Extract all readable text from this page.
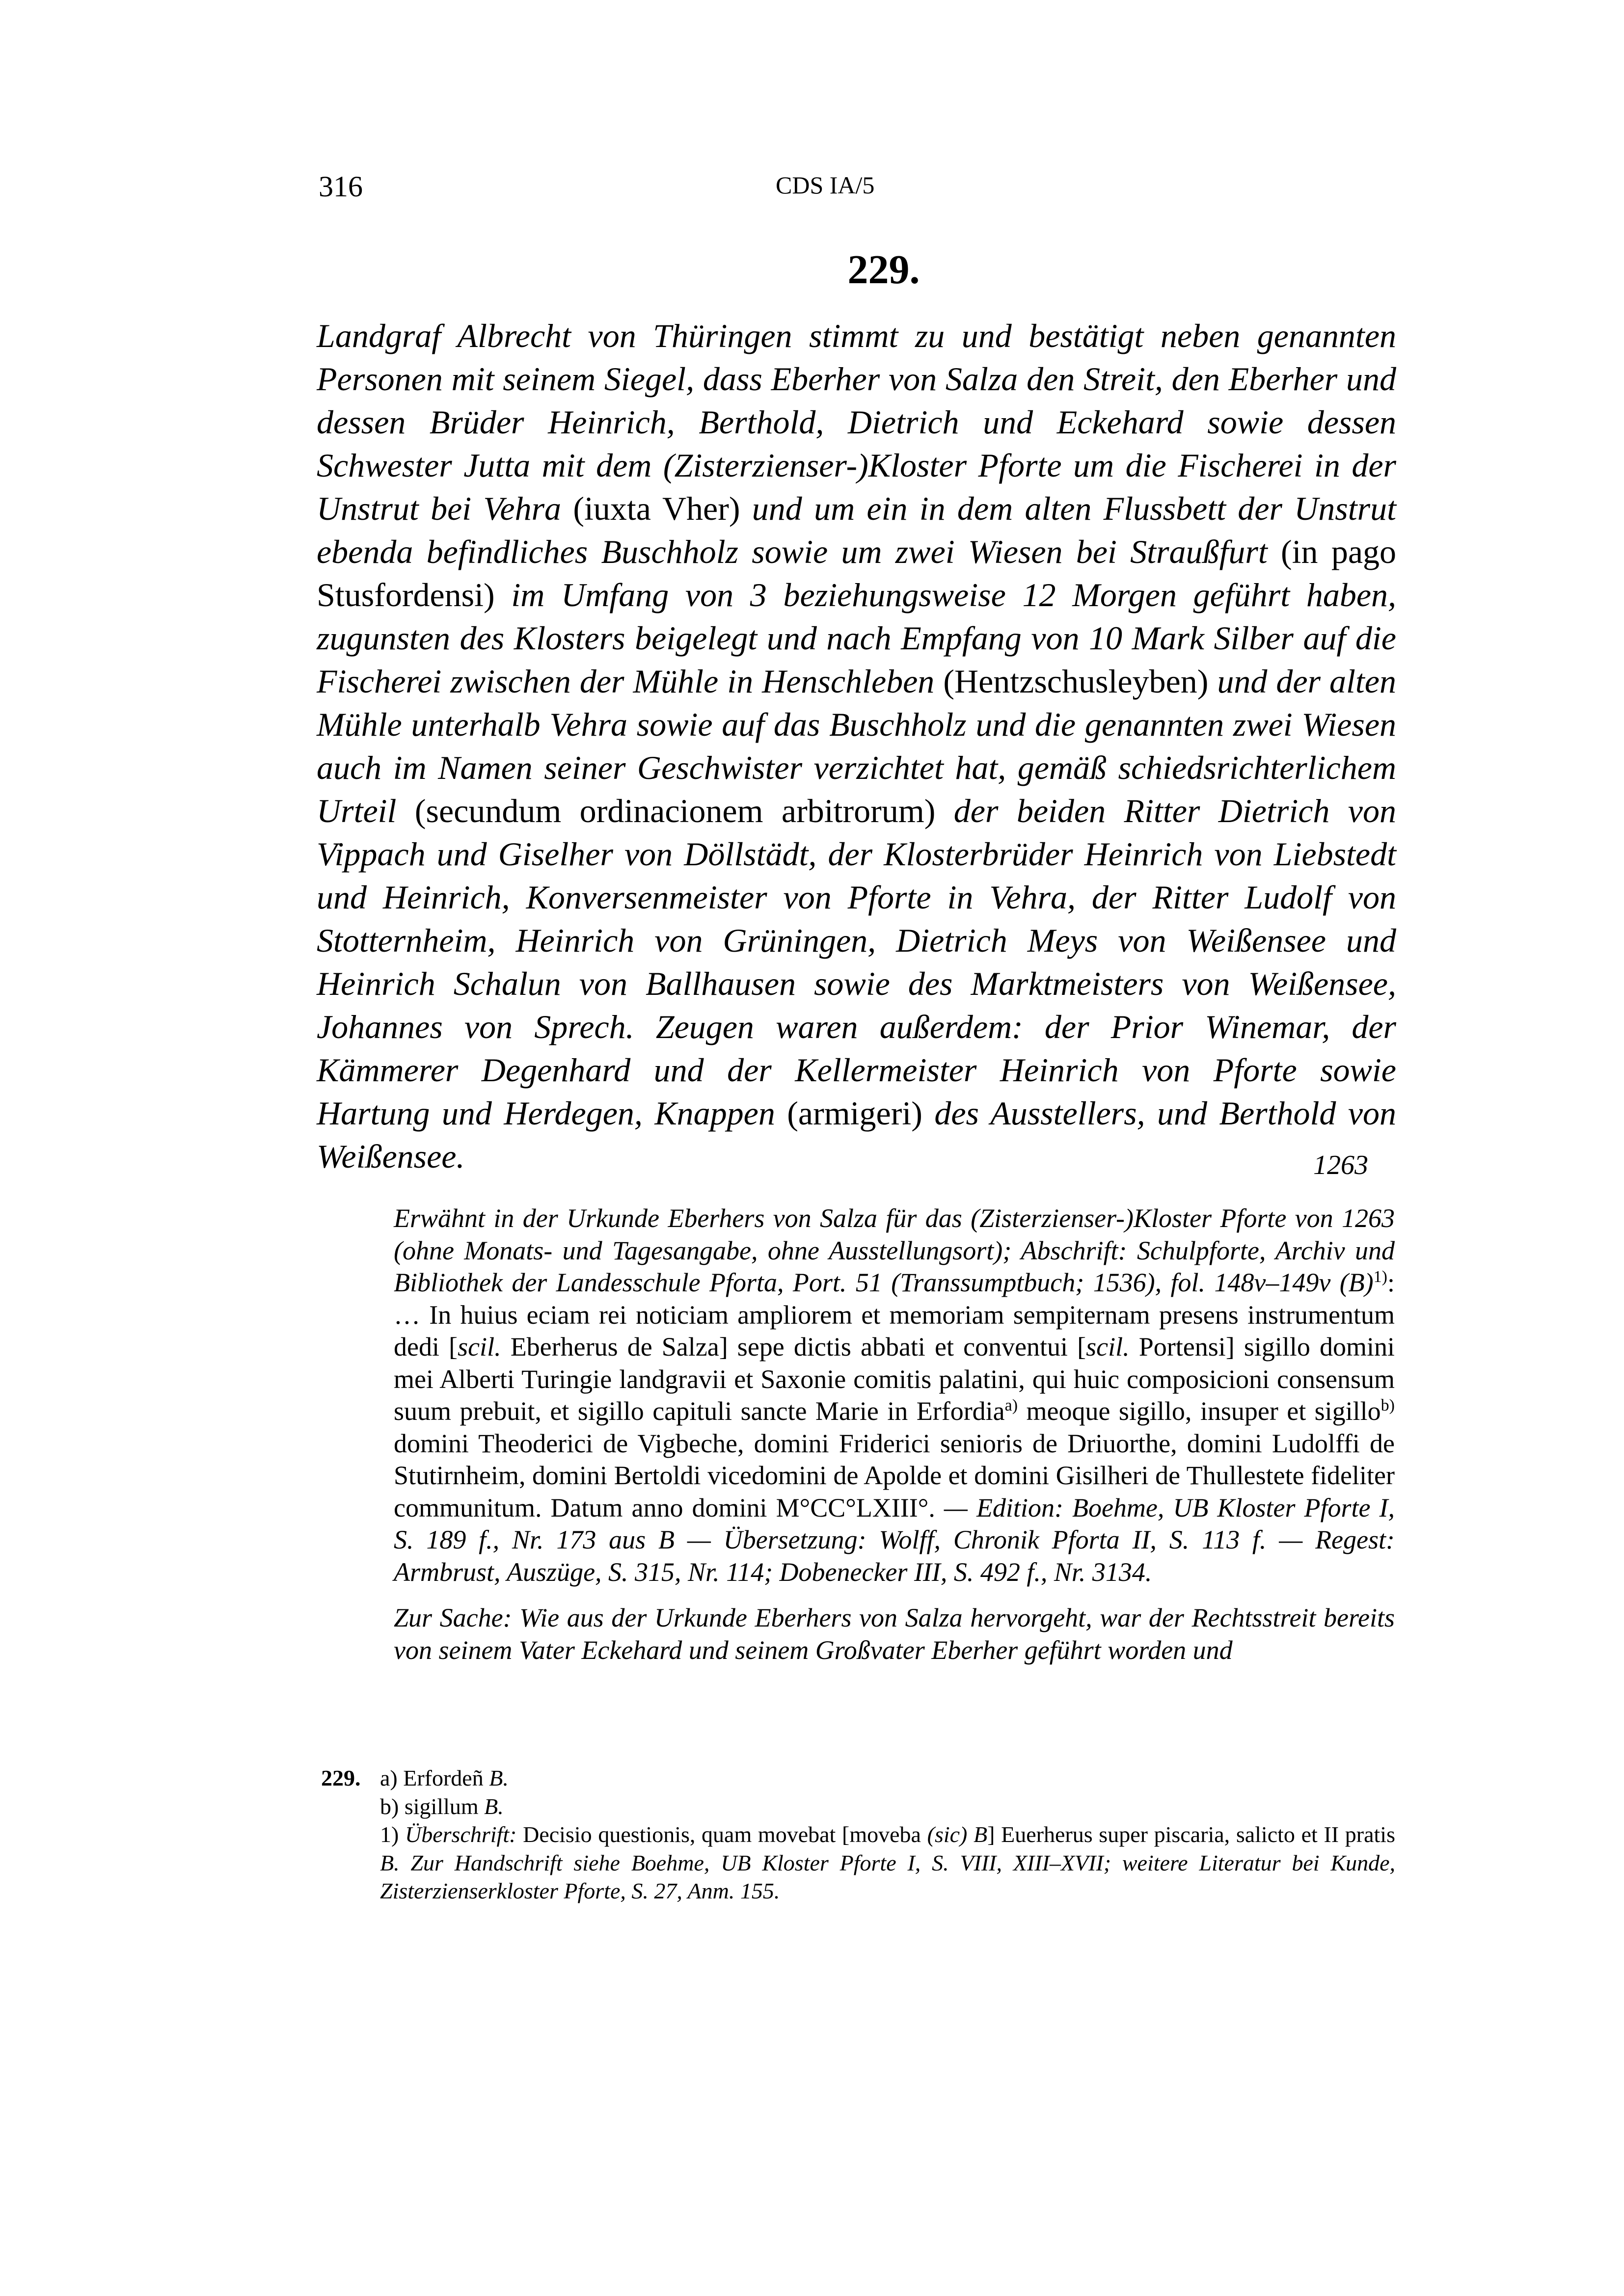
316	CDS IA/5
229.
Landgraf Albrecht von Thüringen stimmt zu und bestätigt neben genannten Personen mit seinem Siegel, dass Eberher von Salza den Streit, den Eberher und dessen Brüder Heinrich, Berthold, Dietrich und Eckehard sowie dessen Schwester Jutta mit dem (Zisterzienser-)Kloster Pforte um die Fischerei in der Unstrut bei Vehra (iuxta Vher) und um ein in dem alten Flussbett der Unstrut ebenda befindliches Buschholz sowie um zwei Wiesen bei Straußfurt (in pago Stusfordensi) im Umfang von 3 beziehungsweise 12 Morgen geführt haben, zugunsten des Klosters beigelegt und nach Empfang von 10 Mark Silber auf die Fischerei zwischen der Mühle in Henschleben (Hentzschusleyben) und der alten Mühle unterhalb Vehra sowie auf das Buschholz und die genannten zwei Wiesen auch im Namen seiner Geschwister verzichtet hat, gemäß schiedsrichterlichem Urteil (secundum ordinacionem arbitrorum) der beiden Ritter Dietrich von Vippach und Giselher von Döllstädt, der Klosterbrüder Heinrich von Liebstedt und Heinrich, Konversenmeister von Pforte in Vehra, der Ritter Ludolf von Stotternheim, Heinrich von Grüningen, Dietrich Meys von Weißensee und Heinrich Schalun von Ballhausen sowie des Marktmeisters von Weißensee, Johannes von Sprech. Zeugen waren außerdem: der Prior Winemar, der Kämmerer Degenhard und der Kellermeister Heinrich von Pforte sowie Hartung und Herdegen, Knappen (armigeri) des Ausstellers, und Berthold von Weißensee.	1263

Erwähnt in der Urkunde Eberhers von Salza für das (Zisterzienser-)Kloster Pforte von 1263 (ohne Monats- und Tagesangabe, ohne Ausstellungsort); Abschrift: Schulpforte, Archiv und Bibliothek der Landesschule Pforta, Port. 51 (Transsumptbuch; 1536), fol. 148v–149v $(B)^{1)}$: … In huius eciam rei noticiam ampliorem et memoriam sempiternam presens instrumentum dedi [scil. Eberherus de Salza] sepe dictis abbati et conventui [scil. Portensi] sigillo domini mei Alberti Turingie landgravii et Saxonie comitis palatini, qui huic composicioni consensum suum prebuit, et sigillo capituli sancte Marie in Erfordia$^{a)}$ meoque sigillo, insuper et sigillo$^{b)}$ domini Theoderici de Vigbeche, domini Friderici senioris de Driuorthe, domini Ludolffi de Stutirnheim, domini Bertoldi vicedomini de Apolde et domini Gisilheri de Thullestete fideliter communitum. Datum anno domini M°CC°LXIII°. — Edition: Boehme, UB Kloster Pforte I, S. 189 f., Nr. 173 aus B — Übersetzung: Wolff, Chronik Pforta II, S. 113 f. — Regest: Armbrust, Auszüge, S. 315, Nr. 114; Dobenecker III, S. 492 f., Nr. 3134.

Zur Sache: Wie aus der Urkunde Eberhers von Salza hervorgeht, war der Rechtsstreit bereits von seinem Vater Eckehard und seinem Großvater Eberher geführt worden und

229. a) Erfordeñ B.

b) sigillum B.

1) Überschrift: Decisio questionis, quam movebat [moveba (sic) B] Euerherus super piscaria, salicto et II pratis B. Zur Handschrift siehe Boehme, UB Kloster Pforte I, S. VIII, XIII–XVII; weitere Literatur bei Kunde, Zisterzienserkloster Pforte, S. 27, Anm. 155.
